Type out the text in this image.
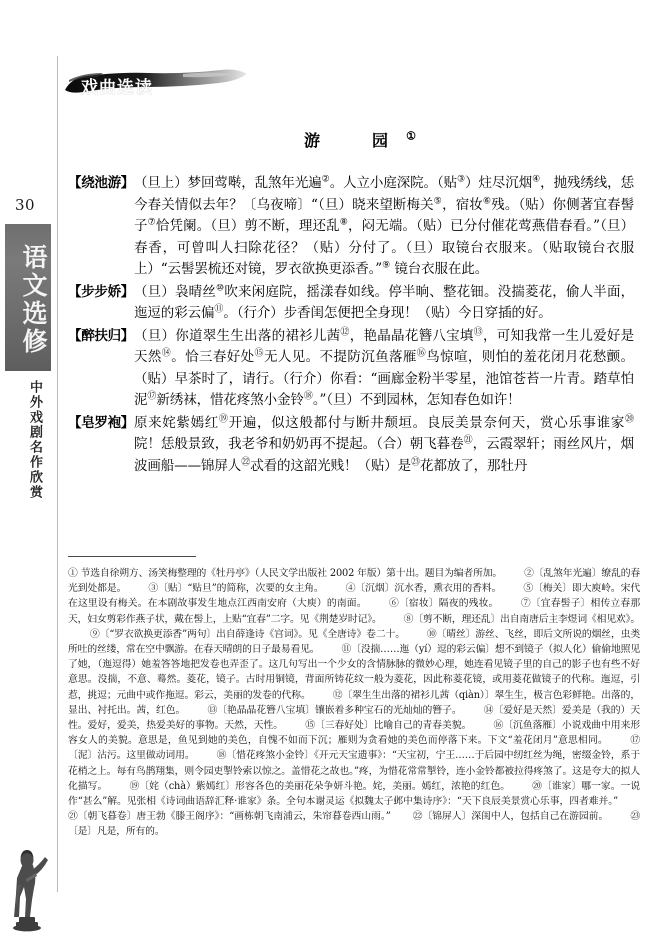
30
语文选修
中外戏剧名作欣赏
戏曲选读
游　园①
【绕池游】 （旦上）梦回莺啭，乱煞年光遍②。人立小庭深院。（贴③）炷尽沉烟④，抛残绣线，恁今春关情似去年？〔乌夜啼〕“（旦）晓来望断梅关⑤，宿妆⑥残。（贴）你侧著宜春髻子⑦恰凭阑。（旦）剪不断，理还乱⑧，闷无端。（贴）已分付催花莺燕借春看。”（旦）春香，可曾叫人扫除花径？（贴）分付了。（旦）取镜台衣服来。（贴取镜台衣服上）“云髻罢梳还对镜，罗衣欲换更添香。”⑨ 镜台衣服在此。
【步步娇】 （旦）袅晴丝⑩吹来闲庭院，摇漾春如线。停半晌、整花钿。没揣菱花，偷人半面，迤逗的彩云偏⑪。（行介）步香闺怎便把全身现！（贴）今日穿插的好。
【醉扶归】 （旦）你道翠生生出落的裙衫儿茜⑫，艳晶晶花簪八宝填⑬，可知我常一生儿爱好是天然⑭。恰三春好处⑮无人见。不提防沉鱼落雁⑯鸟惊喧，则怕的羞花闭月花愁颤。（贴）早茶时了，请行。（行介）你看：“画廊金粉半零星，池馆苍苔一片青。踏草怕泥⑰新绣袜，惜花疼煞小金铃⑱。”（旦）不到园林，怎知春色如许！
【皂罗袍】 原来姹紫嫣红⑲开遍，似这般都付与断井颓垣。良辰美景奈何天，赏心乐事谁家⑳院！恁般景致，我老爷和奶奶再不提起。（合）朝飞暮卷$^㉑$，云霞翠轩；雨丝风片，烟波画船——锦屏人$^㉒$忒看的这韶光贱！（贴）是$^㉓$花都放了，那牡丹
① 节选自徐朔方、汤笑梅整理的《牡丹亭》（人民文学出版社 2002 年版）第十出。题目为编者所加。 ②〔乱煞年光遍〕缭乱的春光到处都是。 ③〔贴〕“贴旦”的简称，次要的女主角。 ④〔沉烟〕沉水香，熏衣用的香料。 ⑤〔梅关〕即大庾岭。宋代在这里设有梅关。在本剧故事发生地点江西南安府（大庾）的南面。 ⑥〔宿妆〕隔夜的残妆。 ⑦〔宜春髻子〕相传立春那天，妇女剪彩作燕子状，戴在髻上，上贴“宜春”二字。见《荆楚岁时记》。 ⑧〔剪不断，理还乱〕出自南唐后主李煜词《相见欢》。⑨〔“罗衣欲换更添香”两句〕出自薛逢诗《宫词》。见《全唐诗》卷二十。 ⑩〔晴丝〕游丝、飞丝，即后文所说的烟丝，虫类所吐的丝缕，常在空中飘游。在春天晴朗的日子最易看见。 ⑪〔没揣……迤（yí）逗的彩云偏〕想不到镜子（拟人化）偷偷地照见了她，（迤逗得）她羞答答地把发卷也弄歪了。这几句写出一个少女的含情脉脉的微妙心理，她连看见镜子里的自己的影子也有些不好意思。没揣，不意、蓦然。菱花，镜子。古时用铜镜，背面所铸花纹一般为菱花，因此称菱花镜，或用菱花做镜子的代称。迤逗，引惹，挑逗；元曲中或作拖逗。彩云，美丽的发卷的代称。 ⑫〔翠生生出落的裙衫儿茜（qiàn）〕翠生生，极言色彩鲜艳。出落的，显出、衬托出。茜，红色。 ⑬〔艳晶晶花簪八宝填〕镶嵌着多种宝石的光灿灿的簪子。 ⑭〔爱好是天然〕爱美是（我的）天性。爱好，爱美，热爱美好的事物。天然，天性。 ⑮〔三春好处〕比喻自己的青春美貌。 ⑯〔沉鱼落雁〕小说戏曲中用来形容女人的美貌。意思是，鱼见到她的美色，自愧不如而下沉；雁则为贪看她的美色而停落下来。下文“羞花闭月”意思相同。 ⑰〔泥〕沾污。这里做动词用。 ⑱〔惜花疼煞小金铃〕《开元天宝遗事》：“天宝初，宁王……于后园中纫红丝为绳，密缀金铃，系于花梢之上。每有鸟鹊翔集，则令园吏掣铃索以惊之。盖惜花之故也。”疼，为惜花常常掣铃，连小金铃都被拉得疼煞了。这是夸大的拟人化描写。 ⑲〔姹（chà）紫嫣红〕形容各色的美丽花朵争妍斗艳。姹，美丽。嫣红，浓艳的红色。 ⑳〔谁家〕哪一家。一说作“甚么”解。见张相《诗词曲语辞汇释·谁家》条。全句本谢灵运《拟魏太子邺中集诗序》：“天下良辰美景赏心乐事，四者难并。”㉑〔朝飞暮卷〕唐王勃《滕王阁序》：“画栋朝飞南浦云，朱帘暮卷西山雨。” ㉒〔锦屏人〕深闺中人，包括自己在游园前。 ㉓〔是〕凡是，所有的。
